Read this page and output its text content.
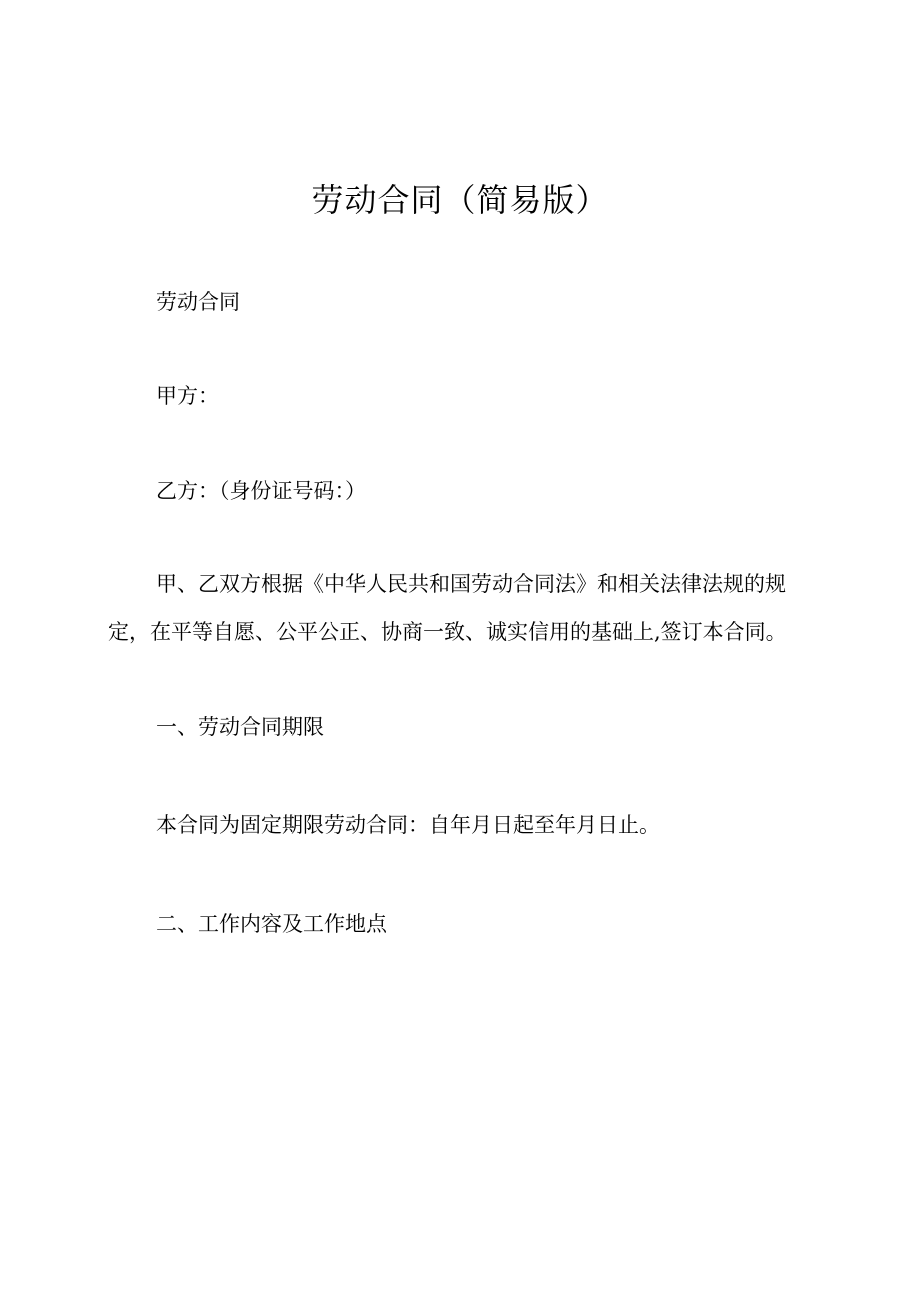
劳动合同（简易版）
劳动合同
甲方：
乙方：（身份证号码：）
甲、乙双方根据《中华人民共和国劳动合同法》和相关法律法规的规
定，在平等自愿、公平公正、协商一致、诚实信用的基础上,签订本合同。
一、劳动合同期限
本合同为固定期限劳动合同：自年月日起至年月日止。
二、工作内容及工作地点
